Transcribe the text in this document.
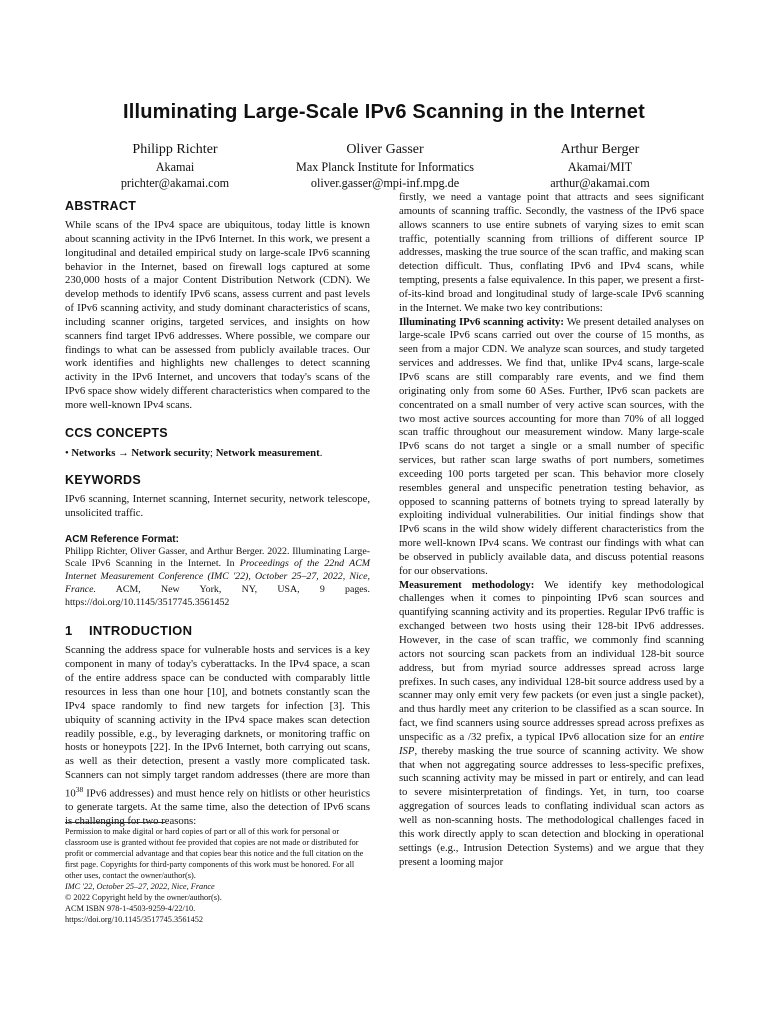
Illuminating Large-Scale IPv6 Scanning in the Internet
Philipp Richter
Akamai
prichter@akamai.com
Oliver Gasser
Max Planck Institute for Informatics
oliver.gasser@mpi-inf.mpg.de
Arthur Berger
Akamai/MIT
arthur@akamai.com
ABSTRACT

While scans of the IPv4 space are ubiquitous, today little is known about scanning activity in the IPv6 Internet. In this work, we present a longitudinal and detailed empirical study on large-scale IPv6 scanning behavior in the Internet, based on firewall logs captured at some 230,000 hosts of a major Content Distribution Network (CDN). We develop methods to identify IPv6 scans, assess current and past levels of IPv6 scanning activity, and study dominant characteristics of scans, including scanner origins, targeted services, and insights on how scanners find target IPv6 addresses. Where possible, we compare our findings to what can be assessed from publicly available traces. Our work identifies and highlights new challenges to detect scanning activity in the IPv6 Internet, and uncovers that today's scans of the IPv6 space show widely different characteristics when compared to the more well-known IPv4 scans.

CCS CONCEPTS
• Networks → Network security; Network measurement.
KEYWORDS

IPv6 scanning, Internet scanning, Internet security, network telescope, unsolicited traffic.

ACM Reference Format:

Philipp Richter, Oliver Gasser, and Arthur Berger. 2022. Illuminating Large-Scale IPv6 Scanning in the Internet. In Proceedings of the 22nd ACM Internet Measurement Conference (IMC '22), October 25–27, 2022, Nice, France. ACM, New York, NY, USA, 9 pages. https://doi.org/10.1145/3517745.3561452

1 INTRODUCTION

Scanning the address space for vulnerable hosts and services is a key component in many of today's cyberattacks. In the IPv4 space, a scan of the entire address space can be conducted with comparably little resources in less than one hour [10], and botnets constantly scan the IPv4 space randomly to find new targets for infection [3]. This ubiquity of scanning activity in the IPv4 space makes scan detection readily possible, e.g., by leveraging darknets, or monitoring traffic on hosts or honeypots [22]. In the IPv6 Internet, both carrying out scans, as well as their detection, present a vastly more complicated task. Scanners can not simply target random addresses (there are more than $10^{38}$ IPv6 addresses) and must hence rely on hitlists or other heuristics to generate targets. At the same time, also the detection of IPv6 scans is challenging for two reasons:

firstly, we need a vantage point that attracts and sees significant amounts of scanning traffic. Secondly, the vastness of the IPv6 space allows scanners to use entire subnets of varying sizes to emit scan traffic, potentially scanning from trillions of different source IP addresses, masking the true source of the scan traffic, and making scan detection difficult. Thus, conflating IPv6 and IPv4 scans, while tempting, presents a false equivalence. In this paper, we present a first-of-its-kind broad and longitudinal study of large-scale IPv6 scanning in the Internet. We make two key contributions:

Illuminating IPv6 scanning activity: We present detailed analyses on large-scale IPv6 scans carried out over the course of 15 months, as seen from a major CDN. We analyze scan sources, and study targeted services and addresses. We find that, unlike IPv4 scans, large-scale IPv6 scans are still comparably rare events, and we find them originating only from some 60 ASes. Further, IPv6 scan packets are concentrated on a small number of very active scan sources, with the two most active sources accounting for more than 70% of all logged scan traffic throughout our measurement window. Many large-scale IPv6 scans do not target a single or a small number of specific services, but rather scan large swaths of port numbers, sometimes exceeding 100 ports targeted per scan. This behavior more closely resembles general and unspecific penetration testing behavior, as opposed to scanning patterns of botnets trying to spread laterally by exploiting individual vulnerabilities. Our initial findings show that IPv6 scans in the wild show widely different characteristics from the more well-known IPv4 scans. We contrast our findings with what can be observed in publicly available data, and discuss potential reasons for our observations.

Measurement methodology: We identify key methodological challenges when it comes to pinpointing IPv6 scan sources and quantifying scanning activity and its properties. Regular IPv6 traffic is exchanged between two hosts using their 128-bit IPv6 addresses. However, in the case of scan traffic, we commonly find scanning actors not sourcing scan packets from an individual 128-bit source address, but from myriad source addresses spread across large prefixes. In such cases, any individual 128-bit source address used by a scanner may only emit very few packets (or even just a single packet), and thus hardly meet any criterion to be classified as a scan source. In fact, we find scanners using source addresses spread across prefixes as unspecific as a /32 prefix, a typical IPv6 allocation size for an entire ISP, thereby masking the true source of scanning activity. We show that when not aggregating source addresses to less-specific prefixes, such scanning activity may be missed in part or entirely, and can lead to severe misinterpretation of findings. Yet, in turn, too coarse aggregation of sources leads to conflating individual scan actors as well as non-scanning hosts. The methodological challenges faced in this work directly apply to scan detection and blocking in operational settings (e.g., Intrusion Detection Systems) and we argue that they present a looming major

Permission to make digital or hard copies of part or all of this work for personal or classroom use is granted without fee provided that copies are not made or distributed for profit or commercial advantage and that copies bear this notice and the full citation on the first page. Copyrights for third-party components of this work must be honored. For all other uses, contact the owner/author(s).

IMC '22, October 25–27, 2022, Nice, France

© 2022 Copyright held by the owner/author(s).

ACM ISBN 978-1-4503-9259-4/22/10.

https://doi.org/10.1145/3517745.3561452
